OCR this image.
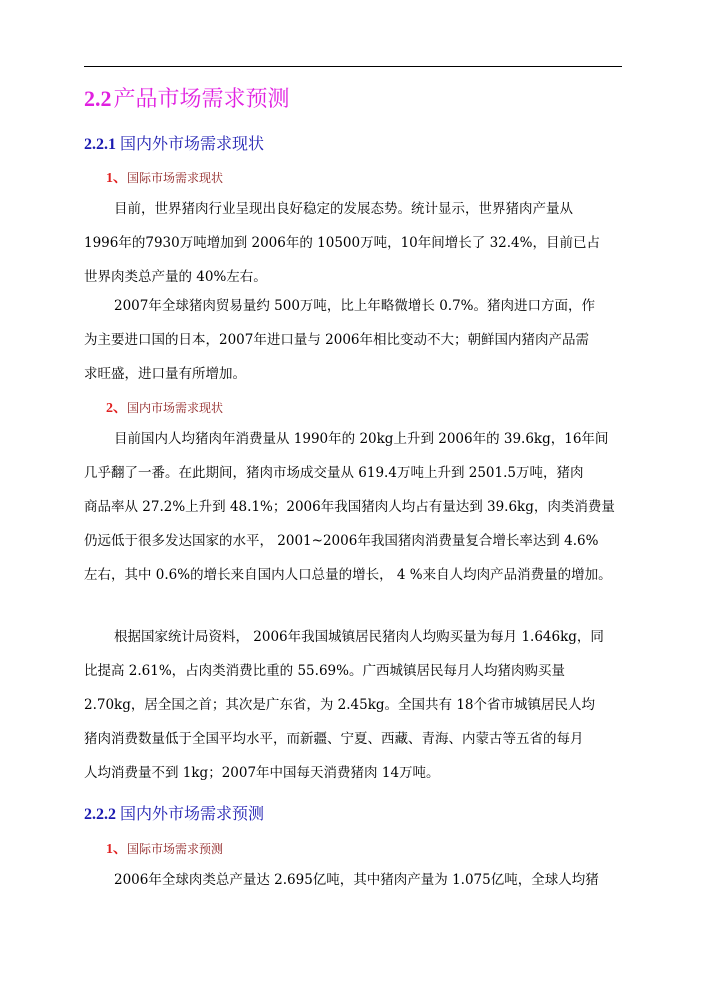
2.2产品市场需求预测
2.2.1 国内外市场需求现状
1、国际市场需求现状
目前，世界猪肉行业呈现出良好稳定的发展态势。统计显示，世界猪肉产量从
1996年的7930万吨增加到 2006年的 10500万吨，10年间增长了 32.4%，目前已占
世界肉类总产量的 40%左右。
2007年全球猪肉贸易量约 500万吨，比上年略微增长 0.7%。猪肉进口方面，作
为主要进口国的日本，2007年进口量与 2006年相比变动不大；朝鲜国内猪肉产品需
求旺盛，进口量有所增加。
2、国内市场需求现状
目前国内人均猪肉年消费量从 1990年的 20kg上升到 2006年的 39.6kg，16年间
几乎翻了一番。在此期间，猪肉市场成交量从 619.4万吨上升到 2501.5万吨，猪肉
商品率从 27.2%上升到 48.1%；2006年我国猪肉人均占有量达到 39.6kg，肉类消费量
仍远低于很多发达国家的水平， 2001~2006年我国猪肉消费量复合增长率达到 4.6%
左右，其中 0.6%的增长来自国内人口总量的增长， 4 %来自人均肉产品消费量的增加。
根据国家统计局资料， 2006年我国城镇居民猪肉人均购买量为每月 1.646kg，同
比提高 2.61%，占肉类消费比重的 55.69%。广西城镇居民每月人均猪肉购买量
2.70kg，居全国之首；其次是广东省，为 2.45kg。全国共有 18个省市城镇居民人均
猪肉消费数量低于全国平均水平，而新疆、宁夏、西藏、青海、内蒙古等五省的每月
人均消费量不到 1kg；2007年中国每天消费猪肉 14万吨。
2.2.2 国内外市场需求预测
1、国际市场需求预测
2006年全球肉类总产量达 2.695亿吨，其中猪肉产量为 1.075亿吨，全球人均猪
